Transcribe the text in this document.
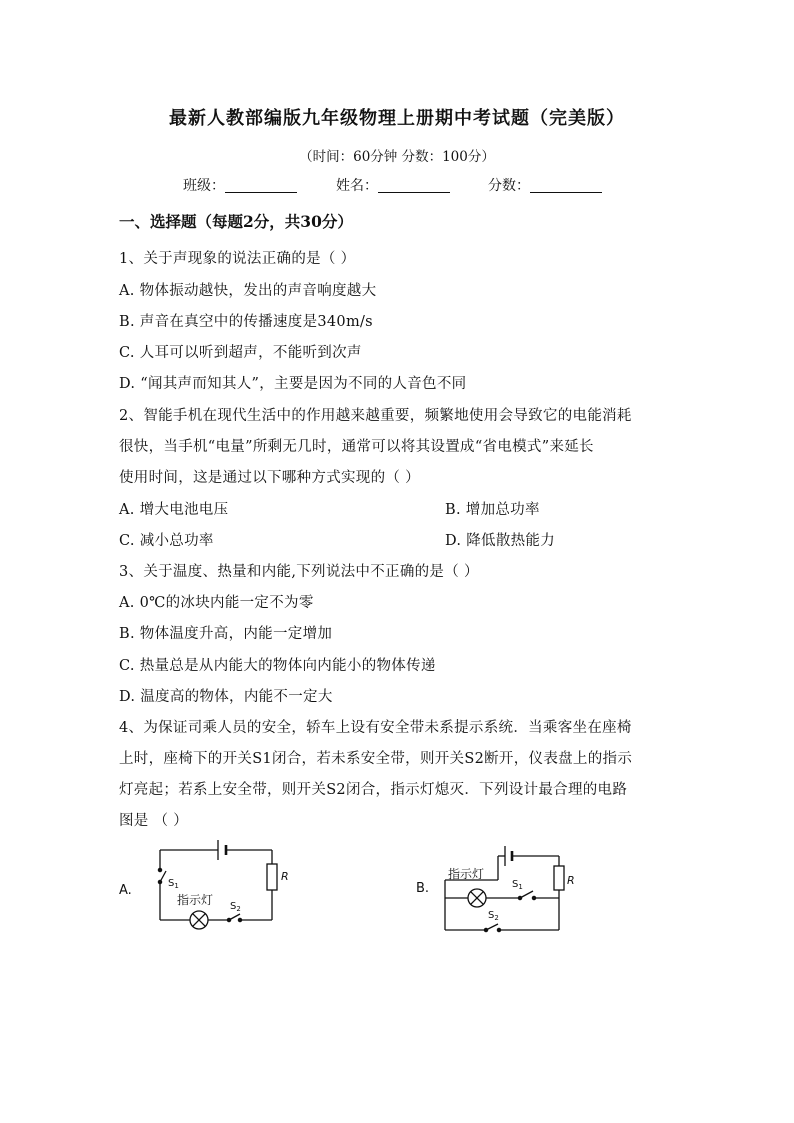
最新人教部编版九年级物理上册期中考试题（完美版）
（时间：60分钟 分数：100分）
班级：	姓名：	分数：
一、选择题（每题2分，共30分）
1、关于声现象的说法正确的是（ ）
A. 物体振动越快，发出的声音响度越大
B. 声音在真空中的传播速度是340m/s
C. 人耳可以听到超声，不能听到次声
D. “闻其声而知其人”，主要是因为不同的人音色不同
2、智能手机在现代生活中的作用越来越重要，频繁地使用会导致它的电能消耗
很快，当手机“电量”所剩无几时，通常可以将其设置成“省电模式”来延长
使用时间，这是通过以下哪种方式实现的（ ）
A. 增大电池电压	B. 增加总功率
C. 减小总功率	D. 降低散热能力
3、关于温度、热量和内能,下列说法中不正确的是（ ）
A. 0℃的冰块内能一定不为零
B. 物体温度升高，内能一定增加
C. 热量总是从内能大的物体向内能小的物体传递
D. 温度高的物体，内能不一定大
4、为保证司乘人员的安全，轿车上设有安全带未系提示系统．当乘客坐在座椅
上时，座椅下的开关S1闭合，若未系安全带，则开关S2断开，仪表盘上的指示
灯亮起；若系上安全带，则开关S2闭合，指示灯熄灭．下列设计最合理的电路
图是 （ ）
A.
R
$S_1$
$S_2$
指示灯
B.
R
$S_1$
$S_2$
指示灯
